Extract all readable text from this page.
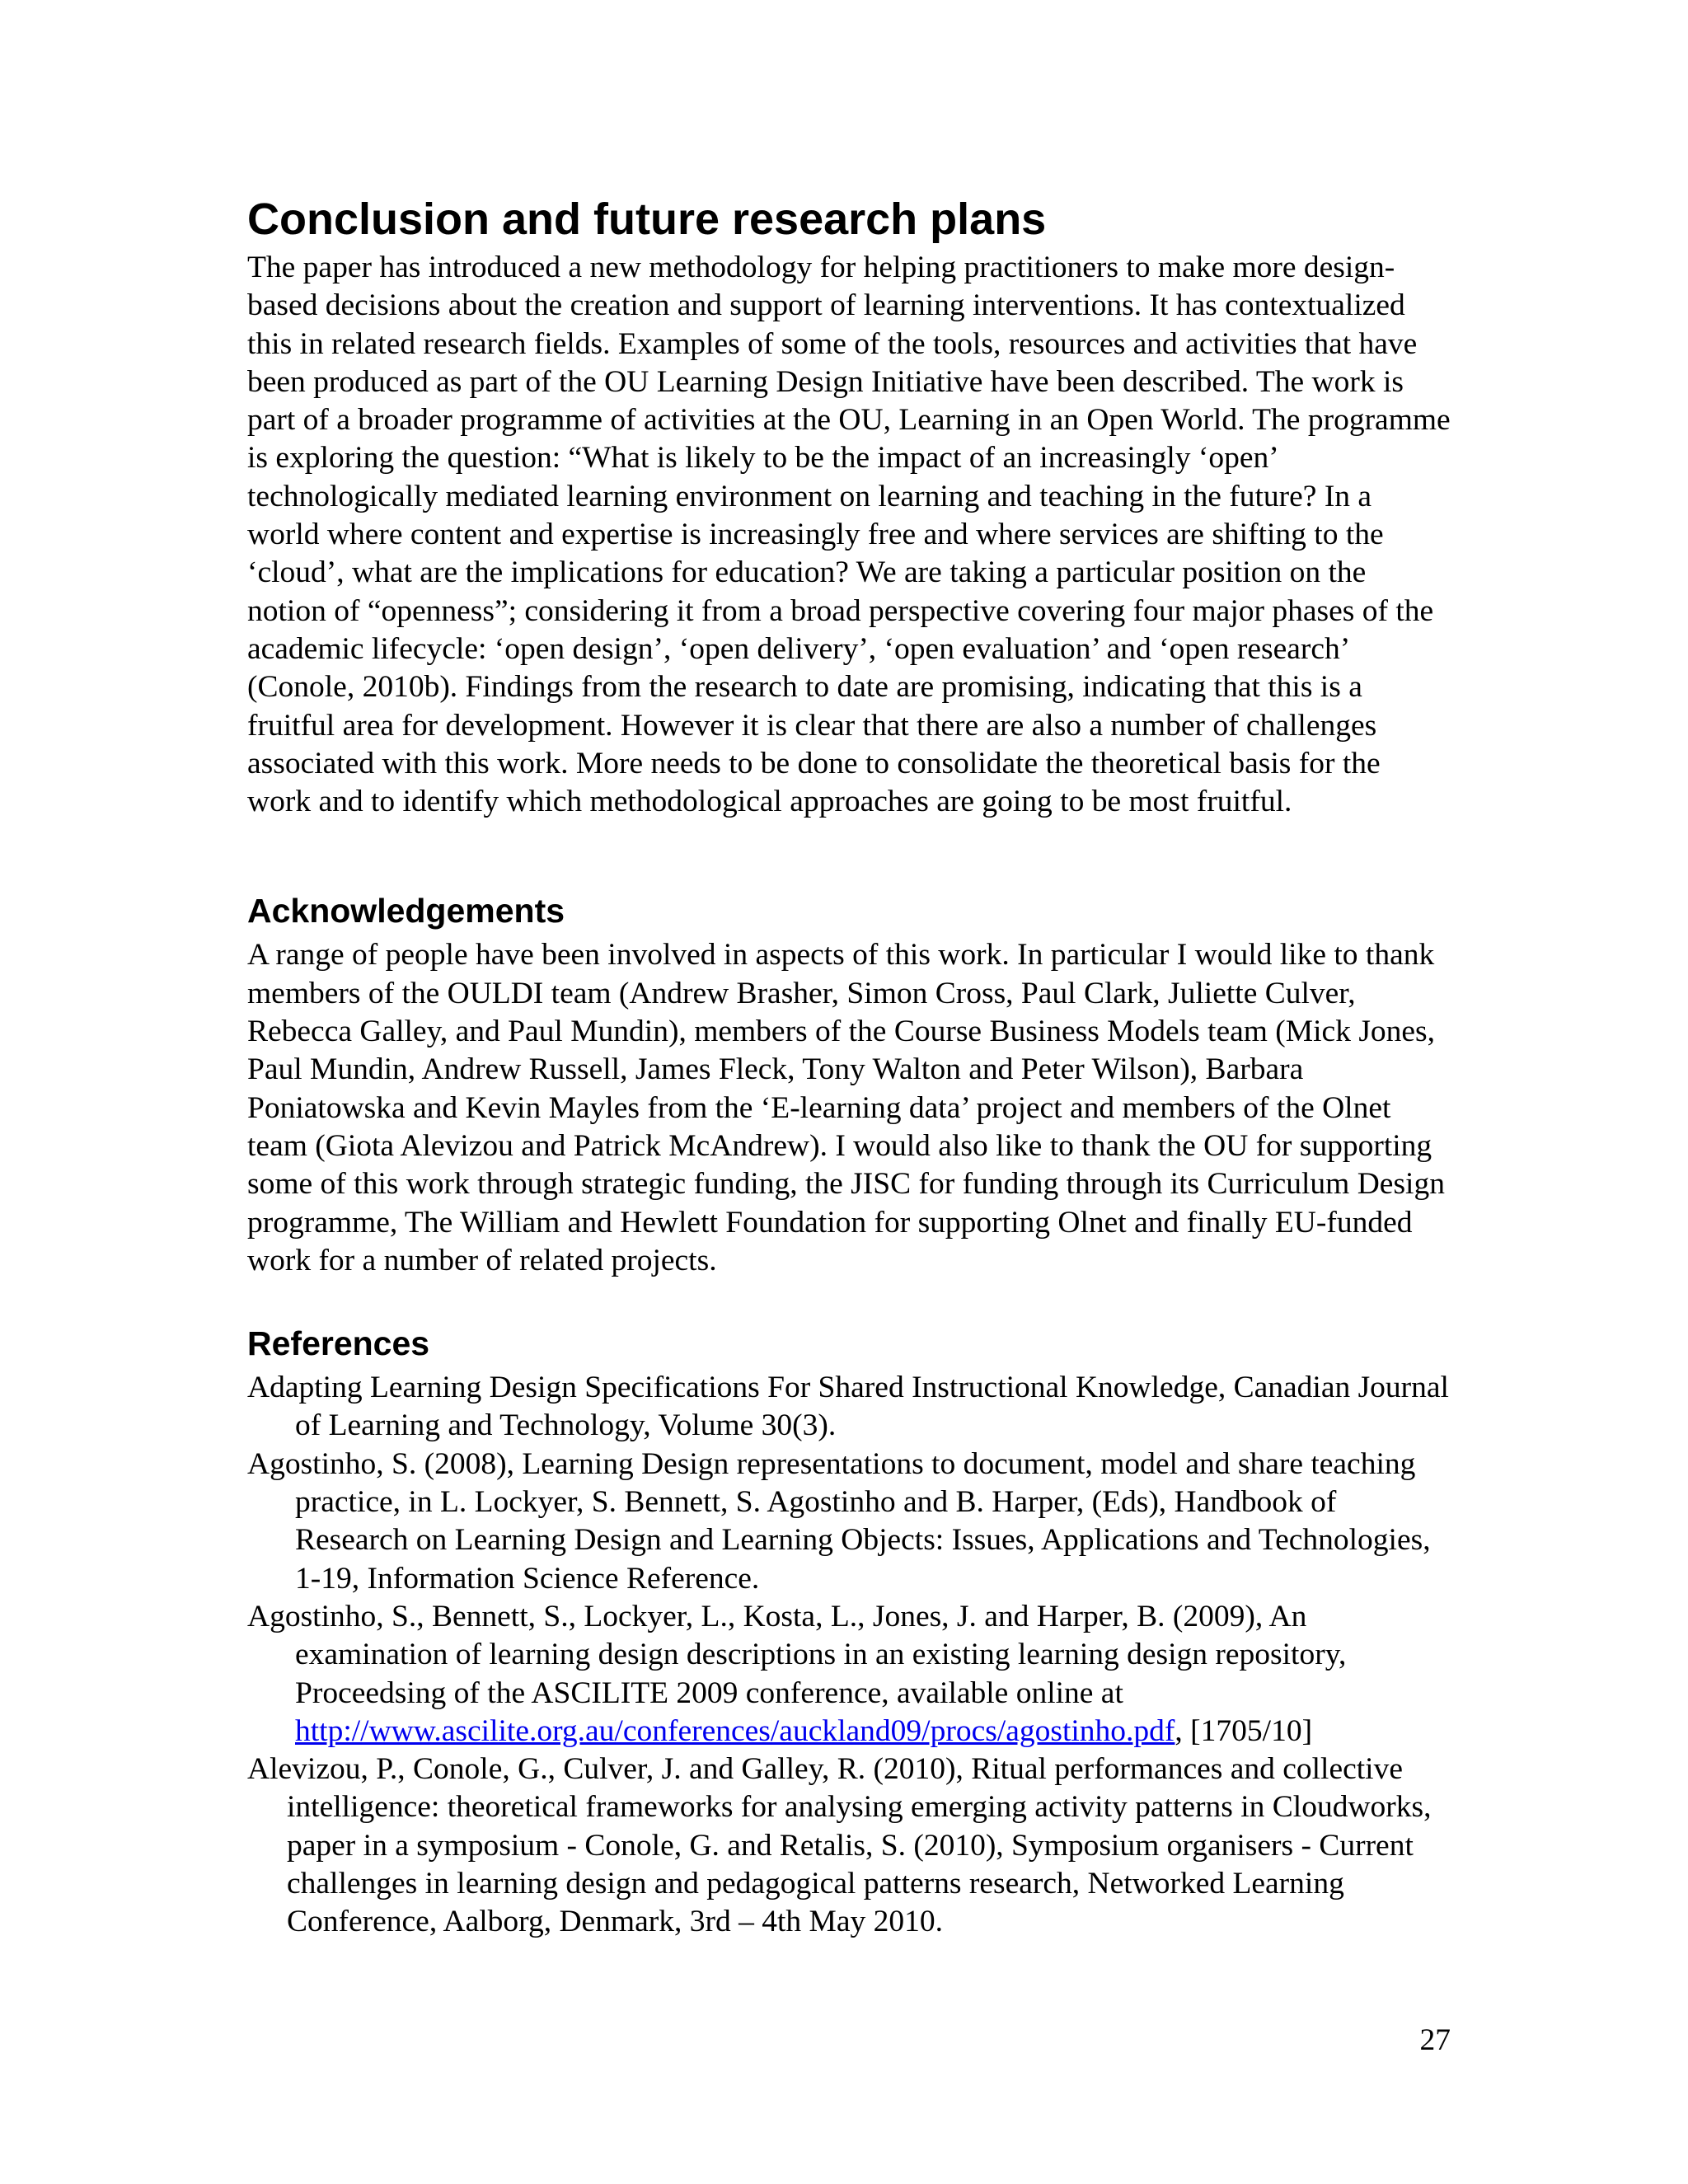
Conclusion and future research plans

The paper has introduced a new methodology for helping practitioners to make more design-based decisions about the creation and support of learning interventions. It has contextualized this in related research fields. Examples of some of the tools, resources and activities that have been produced as part of the OU Learning Design Initiative have been described. The work is part of a broader programme of activities at the OU, Learning in an Open World. The programme is exploring the question: “What is likely to be the impact of an increasingly ‘open’ technologically mediated learning environment on learning and teaching in the future? In a world where content and expertise is increasingly free and where services are shifting to the ‘cloud’, what are the implications for education? We are taking a particular position on the notion of “openness”; considering it from a broad perspective covering four major phases of the academic lifecycle: ‘open design’, ‘open delivery’, ‘open evaluation’ and ‘open research’ (Conole, 2010b). Findings from the research to date are promising, indicating that this is a fruitful area for development. However it is clear that there are also a number of challenges associated with this work. More needs to be done to consolidate the theoretical basis for the work and to identify which methodological approaches are going to be most fruitful.

Acknowledgements

A range of people have been involved in aspects of this work. In particular I would like to thank members of the OULDI team (Andrew Brasher, Simon Cross, Paul Clark, Juliette Culver, Rebecca Galley, and Paul Mundin), members of the Course Business Models team (Mick Jones, Paul Mundin, Andrew Russell, James Fleck, Tony Walton and Peter Wilson), Barbara Poniatowska and Kevin Mayles from the ‘E-learning data’ project and members of the Olnet team (Giota Alevizou and Patrick McAndrew). I would also like to thank the OU for supporting some of this work through strategic funding, the JISC for funding through its Curriculum Design programme, The William and Hewlett Foundation for supporting Olnet and finally EU-funded work for a number of related projects.

References
Adapting Learning Design Specifications For Shared Instructional Knowledge, Canadian Journal of Learning and Technology, Volume 30(3).
Agostinho, S. (2008), Learning Design representations to document, model and share teaching practice, in L. Lockyer, S. Bennett, S. Agostinho and B. Harper, (Eds), Handbook of Research on Learning Design and Learning Objects: Issues, Applications and Technologies, 1-19, Information Science Reference.
Agostinho, S., Bennett, S., Lockyer, L., Kosta, L., Jones, J. and Harper, B. (2009), An examination of learning design descriptions in an existing learning design repository, Proceedsing of the ASCILITE 2009 conference, available online at http://www.ascilite.org.au/conferences/auckland09/procs/agostinho.pdf, [1705/10]
Alevizou, P., Conole, G., Culver, J. and Galley, R. (2010), Ritual performances and collective intelligence: theoretical frameworks for analysing emerging activity patterns in Cloudworks, paper in a symposium - Conole, G. and Retalis, S. (2010), Symposium organisers - Current challenges in learning design and pedagogical patterns research, Networked Learning Conference, Aalborg, Denmark, 3rd – 4th May 2010.
27
